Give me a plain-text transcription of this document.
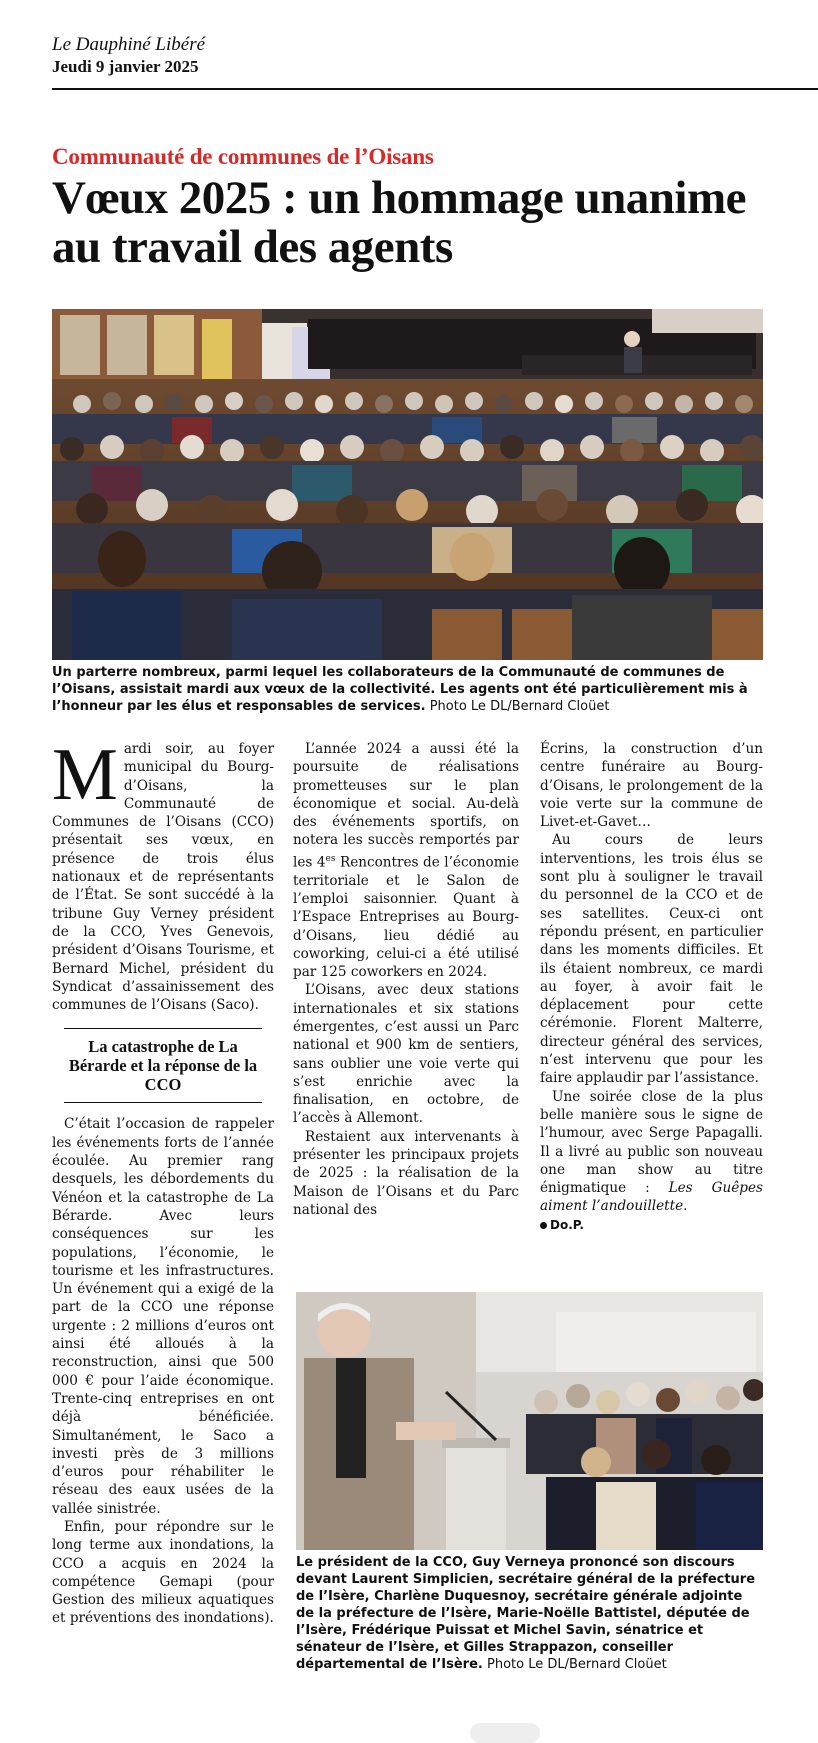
Le Dauphiné Libéré
Jeudi 9 janvier 2025
Communauté de communes de l’Oisans
Vœux 2025 : un hommage unanime au travail des agents
Un parterre nombreux, parmi lequel les collaborateurs de la Communauté de communes de l’Oisans, assistait mardi aux vœux de la collectivité. Les agents ont été particulièrement mis à l’honneur par les élus et responsables de services. Photo Le DL/Bernard Cloüet

Mardi soir, au foyer municipal du Bourg-d’Oisans, la Communauté de Communes de l’Oisans (CCO) présentait ses vœux, en présence de trois élus nationaux et de représentants de l’État. Se sont succédé à la tribune Guy Verney président de la CCO, Yves Genevois, président d’Oisans Tourisme, et Bernard Michel, président du Syndicat d’assainissement des communes de l’Oisans (Saco).

La catastrophe de La Bérarde et la réponse de la CCO

C’était l’occasion de rappeler les événements forts de l’année écoulée. Au premier rang desquels, les débordements du Vénéon et la catastrophe de La Bérarde. Avec leurs conséquences sur les populations, l’économie, le tourisme et les infrastructures. Un événement qui a exigé de la part de la CCO une réponse urgente : 2 millions d’euros ont ainsi été alloués à la reconstruction, ainsi que 500 000 € pour l’aide économique. Trente-cinq entreprises en ont déjà bénéficiée. Simultanément, le Saco a investi près de 3 millions d’euros pour réhabiliter le réseau des eaux usées de la vallée sinistrée.

Enfin, pour répondre sur le long terme aux inondations, la CCO a acquis en 2024 la compétence Gemapi (pour Gestion des milieux aquatiques et préventions des inondations).

L’année 2024 a aussi été la poursuite de réalisations prometteuses sur le plan économique et social. Au-delà des événements sportifs, on notera les succès remportés par les $4^{es}$ Rencontres de l’économie territoriale et le Salon de l’emploi saisonnier. Quant à l’Espace Entreprises au Bourg-d’Oisans, lieu dédié au coworking, celui-ci a été utilisé par 125 coworkers en 2024.

L’Oisans, avec deux stations internationales et six stations émergentes, c’est aussi un Parc national et 900 km de sentiers, sans oublier une voie verte qui s’est enrichie avec la finalisation, en octobre, de l’accès à Allemont.

Restaient aux intervenants à présenter les principaux projets de 2025 : la réalisation de la Maison de l’Oisans et du Parc national des

Écrins, la construction d’un centre funéraire au Bourg-d’Oisans, le prolongement de la voie verte sur la commune de Livet-et-Gavet…

Au cours de leurs interventions, les trois élus se sont plu à souligner le travail du personnel de la CCO et de ses satellites. Ceux-ci ont répondu présent, en particulier dans les moments difficiles. Et ils étaient nombreux, ce mardi au foyer, à avoir fait le déplacement pour cette cérémonie. Florent Malterre, directeur général des services, n’est intervenu que pour les faire applaudir par l’assistance.

Une soirée close de la plus belle manière sous le signe de l’humour, avec Serge Papagalli. Il a livré au public son nouveau one man show au titre énigmatique : Les Guêpes aiment l’andouillette.

Do.P.

Le président de la CCO, Guy Verneya prononcé son discours devant Laurent Simplicien, secrétaire général de la préfecture de l’Isère, Charlène Duquesnoy, secrétaire générale adjointe de la préfecture de l’Isère, Marie-Noëlle Battistel, députée de l’Isère, Frédérique Puissat et Michel Savin, sénatrice et sénateur de l’Isère, et Gilles Strappazon, conseiller départemental de l’Isère. Photo Le DL/Bernard Cloüet
